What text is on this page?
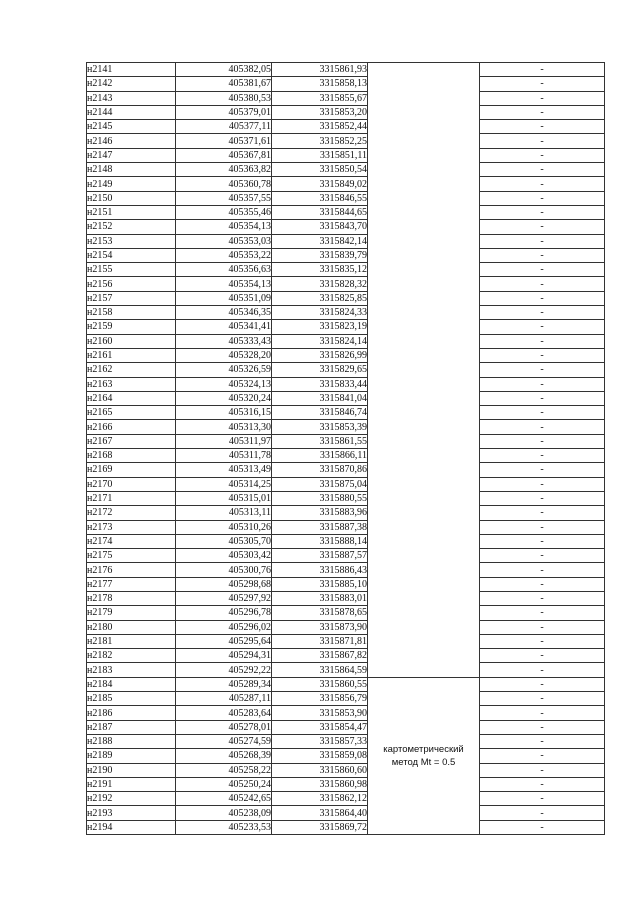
н2141	405382,05	3315861,93		-
н2142	405381,67	3315858,13		-
н2143	405380,53	3315855,67		-
н2144	405379,01	3315853,20		-
н2145	405377,11	3315852,44		-
н2146	405371,61	3315852,25		-
н2147	405367,81	3315851,11		-
н2148	405363,82	3315850,54		-
н2149	405360,78	3315849,02		-
н2150	405357,55	3315846,55		-
н2151	405355,46	3315844,65		-
н2152	405354,13	3315843,70		-
н2153	405353,03	3315842,14		-
н2154	405353,22	3315839,79		-
н2155	405356,63	3315835,12		-
н2156	405354,13	3315828,32		-
н2157	405351,09	3315825,85		-
н2158	405346,35	3315824,33		-
н2159	405341,41	3315823,19		-
н2160	405333,43	3315824,14		-
н2161	405328,20	3315826,99		-
н2162	405326,59	3315829,65		-
н2163	405324,13	3315833,44		-
н2164	405320,24	3315841,04		-
н2165	405316,15	3315846,74		-
н2166	405313,30	3315853,39		-
н2167	405311,97	3315861,55		-
н2168	405311,78	3315866,11		-
н2169	405313,49	3315870,86		-
н2170	405314,25	3315875,04		-
н2171	405315,01	3315880,55		-
н2172	405313,11	3315883,96		-
н2173	405310,26	3315887,38		-
н2174	405305,70	3315888,14		-
н2175	405303,42	3315887,57		-
н2176	405300,76	3315886,43		-
н2177	405298,68	3315885,10		-
н2178	405297,92	3315883,01		-
н2179	405296,78	3315878,65		-
н2180	405296,02	3315873,90		-
н2181	405295,64	3315871,81		-
н2182	405294,31	3315867,82		-
н2183	405292,22	3315864,59		-
н2184	405289,34	3315860,55	картометрический
метод Mt = 0.5	-
н2185	405287,11	3315856,79		-
н2186	405283,64	3315853,90		-
н2187	405278,01	3315854,47		-
н2188	405274,59	3315857,33		-
н2189	405268,39	3315859,08		-
н2190	405258,22	3315860,60		-
н2191	405250,24	3315860,98		-
н2192	405242,65	3315862,12		-
н2193	405238,09	3315864,40		-
н2194	405233,53	3315869,72		-
